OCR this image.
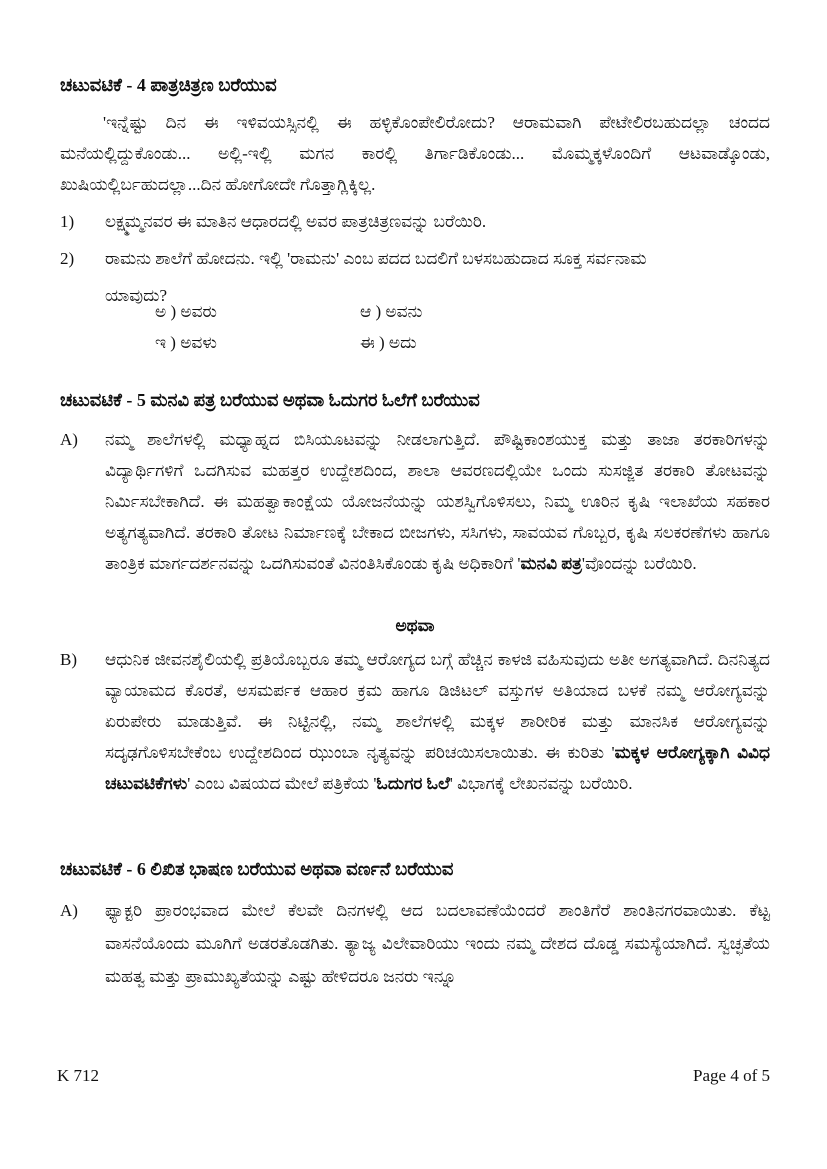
ಚಟುವಟಿಕೆ - 4 ಪಾತ್ರಚಿತ್ರಣ ಬರೆಯುವ
'ಇನ್ನೆಷ್ಟು ದಿನ ಈ ಇಳಿವಯಸ್ಸಿನಲ್ಲಿ ಈ ಹಳ್ಳಿಕೊಂಪೇಲಿರೋದು? ಆರಾಮವಾಗಿ ಪೇಟೇಲಿರಬಹುದಲ್ಲಾ ಚಂದದ ಮನೆಯಲ್ಲಿದ್ದುಕೊಂಡು... ಅಲ್ಲಿ-ಇಲ್ಲಿ ಮಗನ ಕಾರಲ್ಲಿ ತಿರ್ಗಾಡಿಕೊಂಡು... ಮೊಮ್ಮಕ್ಕಳೊಂದಿಗೆ ಆಟವಾಡ್ಕೊಂಡು, ಖುಷಿಯಲ್ಲಿರ್ಬಹುದಲ್ಲಾ...ದಿನ ಹೋಗೋದೇ ಗೊತ್ತಾಗ್ಲಿಕ್ಕಿಲ್ಲ.
1)	ಲಕ್ಷ್ಮಮ್ಮನವರ ಈ ಮಾತಿನ ಆಧಾರದಲ್ಲಿ ಅವರ ಪಾತ್ರಚಿತ್ರಣವನ್ನು ಬರೆಯಿರಿ.
2)	ರಾಮನು ಶಾಲೆಗೆ ಹೋದನು. ಇಲ್ಲಿ 'ರಾಮನು' ಎಂಬ ಪದದ ಬದಲಿಗೆ ಬಳಸಬಹುದಾದ ಸೂಕ್ತ ಸರ್ವನಾಮ ಯಾವುದು?
ಅ ) ಅವರು	ಆ ) ಅವನು
ಇ ) ಅವಳು	ಈ ) ಅದು
ಚಟುವಟಿಕೆ - 5 ಮನವಿ ಪತ್ರ ಬರೆಯುವ ಅಥವಾ ಓದುಗರ ಓಲೆಗೆ ಬರೆಯುವ
A)	ನಮ್ಮ ಶಾಲೆಗಳಲ್ಲಿ ಮಧ್ಯಾಹ್ನದ ಬಿಸಿಯೂಟವನ್ನು ನೀಡಲಾಗುತ್ತಿದೆ. ಪೌಷ್ಟಿಕಾಂಶಯುಕ್ತ ಮತ್ತು ತಾಜಾ ತರಕಾರಿಗಳನ್ನು ವಿದ್ಯಾರ್ಥಿಗಳಿಗೆ ಒದಗಿಸುವ ಮಹತ್ತರ ಉದ್ದೇಶದಿಂದ, ಶಾಲಾ ಆವರಣದಲ್ಲಿಯೇ ಒಂದು ಸುಸಜ್ಜಿತ ತರಕಾರಿ ತೋಟವನ್ನು ನಿರ್ಮಿಸಬೇಕಾಗಿದೆ. ಈ ಮಹತ್ವಾಕಾಂಕ್ಷೆಯ ಯೋಜನೆಯನ್ನು ಯಶಸ್ವಿಗೊಳಿಸಲು, ನಿಮ್ಮ ಊರಿನ ಕೃಷಿ ಇಲಾಖೆಯ ಸಹಕಾರ ಅತ್ಯಗತ್ಯವಾಗಿದೆ. ತರಕಾರಿ ತೋಟ ನಿರ್ಮಾಣಕ್ಕೆ ಬೇಕಾದ ಬೀಜಗಳು, ಸಸಿಗಳು, ಸಾವಯವ ಗೊಬ್ಬರ, ಕೃಷಿ ಸಲಕರಣೆಗಳು ಹಾಗೂ ತಾಂತ್ರಿಕ ಮಾರ್ಗದರ್ಶನವನ್ನು ಒದಗಿಸುವಂತೆ ವಿನಂತಿಸಿಕೊಂಡು ಕೃಷಿ ಅಧಿಕಾರಿಗೆ 'ಮನವಿ ಪತ್ರ'ವೊಂದನ್ನು ಬರೆಯಿರಿ.
ಅಥವಾ
B)	ಆಧುನಿಕ ಜೀವನಶೈಲಿಯಲ್ಲಿ ಪ್ರತಿಯೊಬ್ಬರೂ ತಮ್ಮ ಆರೋಗ್ಯದ ಬಗ್ಗೆ ಹೆಚ್ಚಿನ ಕಾಳಜಿ ವಹಿಸುವುದು ಅತೀ ಅಗತ್ಯವಾಗಿದೆ. ದಿನನಿತ್ಯದ ವ್ಯಾಯಾಮದ ಕೊರತೆ, ಅಸಮರ್ಪಕ ಆಹಾರ ಕ್ರಮ ಹಾಗೂ ಡಿಜಿಟಲ್ ವಸ್ತುಗಳ ಅತಿಯಾದ ಬಳಕೆ ನಮ್ಮ ಆರೋಗ್ಯವನ್ನು ಏರುಪೇರು ಮಾಡುತ್ತಿವೆ. ಈ ನಿಟ್ಟಿನಲ್ಲಿ, ನಮ್ಮ ಶಾಲೆಗಳಲ್ಲಿ ಮಕ್ಕಳ ಶಾರೀರಿಕ ಮತ್ತು ಮಾನಸಿಕ ಆರೋಗ್ಯವನ್ನು ಸದೃಢಗೊಳಿಸಬೇಕೆಂಬ ಉದ್ದೇಶದಿಂದ ಝುಂಬಾ ನೃತ್ಯವನ್ನು ಪರಿಚಯಿಸಲಾಯಿತು. ಈ ಕುರಿತು 'ಮಕ್ಕಳ ಆರೋಗ್ಯಕ್ಕಾಗಿ ವಿವಿಧ ಚಟುವಟಿಕೆಗಳು' ಎಂಬ ವಿಷಯದ ಮೇಲೆ ಪತ್ರಿಕೆಯ 'ಓದುಗರ ಓಲೆ' ವಿಭಾಗಕ್ಕೆ ಲೇಖನವನ್ನು ಬರೆಯಿರಿ.
ಚಟುವಟಿಕೆ - 6 ಲಿಖಿತ ಭಾಷಣ ಬರೆಯುವ ಅಥವಾ ವರ್ಣನೆ ಬರೆಯುವ
A)	ಫ್ಯಾಕ್ಟರಿ ಪ್ರಾರಂಭವಾದ ಮೇಲೆ ಕೆಲವೇ ದಿನಗಳಲ್ಲಿ ಆದ ಬದಲಾವಣೆಯೆಂದರೆ ಶಾಂತಿಗೆರೆ ಶಾಂತಿನಗರವಾಯಿತು. ಕೆಟ್ಟ ವಾಸನೆಯೊಂದು ಮೂಗಿಗೆ ಅಡರತೊಡಗಿತು. ತ್ಯಾಜ್ಯ ವಿಲೇವಾರಿಯು ಇಂದು ನಮ್ಮ ದೇಶದ ದೊಡ್ಡ ಸಮಸ್ಯೆಯಾಗಿದೆ. ಸ್ವಚ್ಛತೆಯ ಮಹತ್ವ ಮತ್ತು ಪ್ರಾಮುಖ್ಯತೆಯನ್ನು ಎಷ್ಟು ಹೇಳಿದರೂ ಜನರು ಇನ್ನೂ
K 712	Page 4 of 5
